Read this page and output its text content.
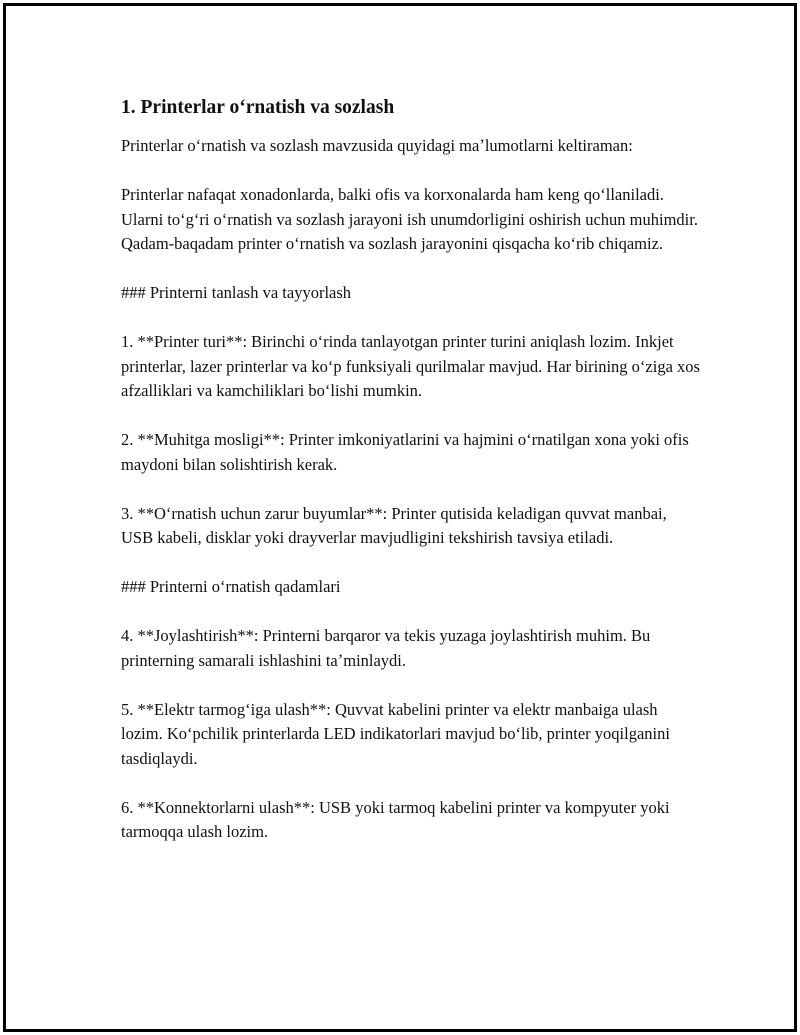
1. Printerlar oʻrnatish va sozlash

Printerlar oʻrnatish va sozlash mavzusida quyidagi maʼlumotlarni keltiraman:

Printerlar nafaqat xonadonlarda, balki ofis va korxonalarda ham keng qoʻllaniladi. Ularni toʻgʻri oʻrnatish va sozlash jarayoni ish unumdorligini oshirish uchun muhimdir. Qadam-baqadam printer oʻrnatish va sozlash jarayonini qisqacha koʻrib chiqamiz.

### Printerni tanlash va tayyorlash

1. **Printer turi**: Birinchi oʻrinda tanlayotgan printer turini aniqlash lozim. Inkjet printerlar, lazer printerlar va koʻp funksiyali qurilmalar mavjud. Har birining oʻziga xos afzalliklari va kamchiliklari boʻlishi mumkin.

2. **Muhitga mosligi**: Printer imkoniyatlarini va hajmini oʻrnatilgan xona yoki ofis maydoni bilan solishtirish kerak.

3. **Oʻrnatish uchun zarur buyumlar**: Printer qutisida keladigan quvvat manbai, USB kabeli, disklar yoki drayverlar mavjudligini tekshirish tavsiya etiladi.

### Printerni oʻrnatish qadamlari

4. **Joylashtirish**: Printerni barqaror va tekis yuzaga joylashtirish muhim. Bu printerning samarali ishlashini taʼminlaydi.

5. **Elektr tarmogʻiga ulash**: Quvvat kabelini printer va elektr manbaiga ulash lozim. Koʻpchilik printerlarda LED indikatorlari mavjud boʻlib, printer yoqilganini tasdiqlaydi.

6. **Konnektorlarni ulash**: USB yoki tarmoq kabelini printer va kompyuter yoki tarmoqqa ulash lozim.
